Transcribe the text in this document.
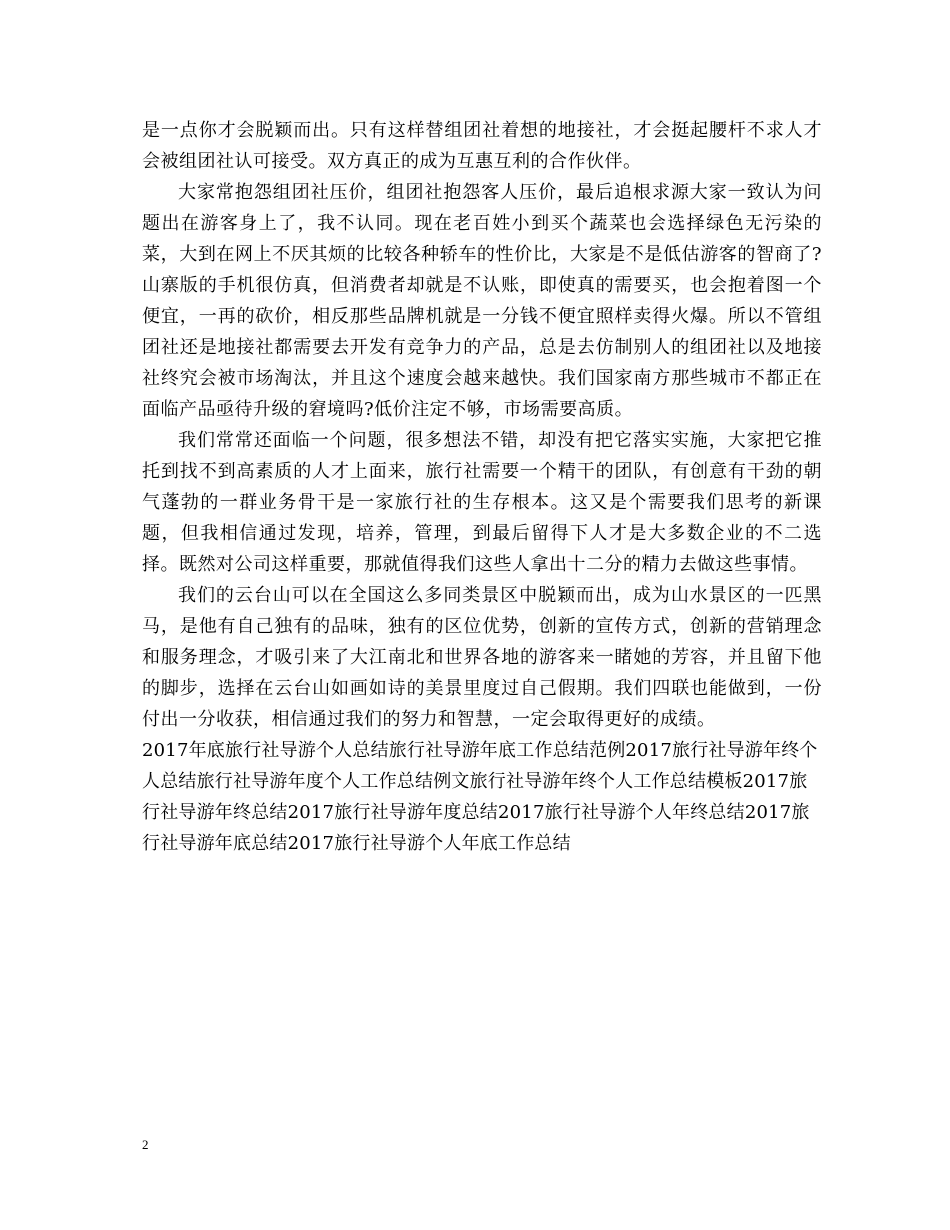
是一点你才会脱颖而出。只有这样替组团社着想的地接社，才会挺起腰杆不求人才会被组团社认可接受。双方真正的成为互惠互利的合作伙伴。

大家常抱怨组团社压价，组团社抱怨客人压价，最后追根求源大家一致认为问题出在游客身上了，我不认同。现在老百姓小到买个蔬菜也会选择绿色无污染的菜，大到在网上不厌其烦的比较各种轿车的性价比，大家是不是低估游客的智商了?山寨版的手机很仿真，但消费者却就是不认账，即使真的需要买，也会抱着图一个便宜，一再的砍价，相反那些品牌机就是一分钱不便宜照样卖得火爆。所以不管组团社还是地接社都需要去开发有竞争力的产品，总是去仿制别人的组团社以及地接社终究会被市场淘汰，并且这个速度会越来越快。我们国家南方那些城市不都正在面临产品亟待升级的窘境吗?低价注定不够，市场需要高质。

我们常常还面临一个问题，很多想法不错，却没有把它落实实施，大家把它推托到找不到高素质的人才上面来，旅行社需要一个精干的团队，有创意有干劲的朝气蓬勃的一群业务骨干是一家旅行社的生存根本。这又是个需要我们思考的新课题，但我相信通过发现，培养，管理，到最后留得下人才是大多数企业的不二选择。既然对公司这样重要，那就值得我们这些人拿出十二分的精力去做这些事情。

我们的云台山可以在全国这么多同类景区中脱颖而出，成为山水景区的一匹黑马，是他有自己独有的品味，独有的区位优势，创新的宣传方式，创新的营销理念和服务理念，才吸引来了大江南北和世界各地的游客来一睹她的芳容，并且留下他的脚步，选择在云台山如画如诗的美景里度过自己假期。我们四联也能做到，一份付出一分收获，相信通过我们的努力和智慧，一定会取得更好的成绩。

2017年底旅行社导游个人总结旅行社导游年底工作总结范例2017旅行社导游年终个人总结旅行社导游年度个人工作总结例文旅行社导游年终个人工作总结模板2017旅行社导游年终总结2017旅行社导游年度总结2017旅行社导游个人年终总结2017旅行社导游年底总结2017旅行社导游个人年底工作总结

2
